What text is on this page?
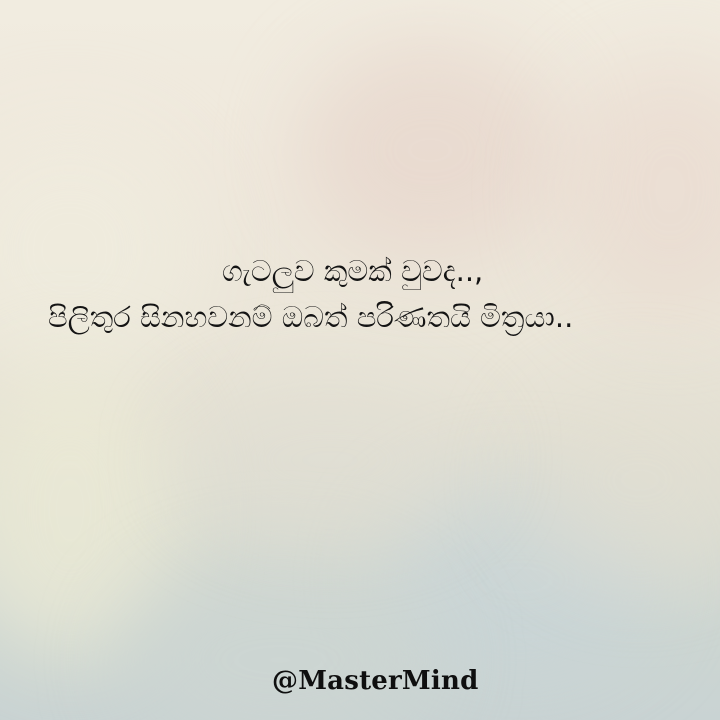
ගැටලුව කුමක් වුවද..,
පිලිතුර සිනහවනම් ඔබත් පරිණතයි මිත්‍රයා..
@MasterMind
